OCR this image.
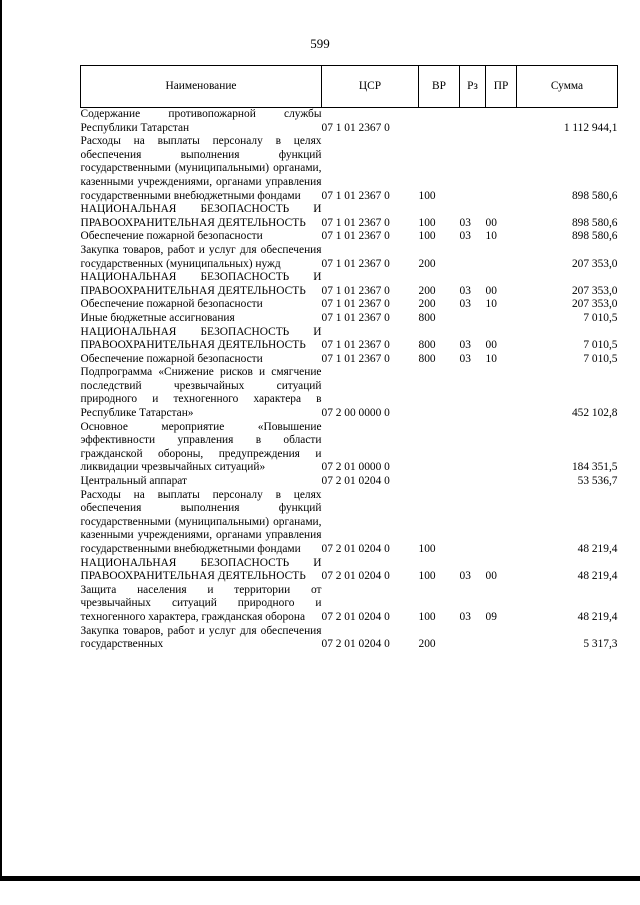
599
Наименование	ЦСР	ВР	Рз	ПР	Сумма
Содержание противопожарной службы Республики Татарстан	07 1 01 2367 0				1 112 944,1
Расходы на выплаты персоналу в целях обеспечения выполнения функций государственными (муниципальными) органами, казенными учреждениями, органами управления государственными внебюджетными фондами	07 1 01 2367 0	100			898 580,6
НАЦИОНАЛЬНАЯ БЕЗОПАСНОСТЬ И ПРАВООХРАНИТЕЛЬНАЯ ДЕЯТЕЛЬНОСТЬ	07 1 01 2367 0	100	03	00	898 580,6
Обеспечение пожарной безопасности	07 1 01 2367 0	100	03	10	898 580,6
Закупка товаров, работ и услуг для обеспечения государственных (муниципальных) нужд	07 1 01 2367 0	200			207 353,0
НАЦИОНАЛЬНАЯ БЕЗОПАСНОСТЬ И ПРАВООХРАНИТЕЛЬНАЯ ДЕЯТЕЛЬНОСТЬ	07 1 01 2367 0	200	03	00	207 353,0
Обеспечение пожарной безопасности	07 1 01 2367 0	200	03	10	207 353,0
Иные бюджетные ассигнования	07 1 01 2367 0	800			7 010,5
НАЦИОНАЛЬНАЯ БЕЗОПАСНОСТЬ И ПРАВООХРАНИТЕЛЬНАЯ ДЕЯТЕЛЬНОСТЬ	07 1 01 2367 0	800	03	00	7 010,5
Обеспечение пожарной безопасности	07 1 01 2367 0	800	03	10	7 010,5
Подпрограмма «Снижение рисков и смягчение последствий чрезвычайных ситуаций природного и техногенного характера в Республике Татарстан»	07 2 00 0000 0				452 102,8
Основное мероприятие «Повышение эффективности управления в области гражданской обороны, предупреждения и ликвидации чрезвычайных ситуаций»	07 2 01 0000 0				184 351,5
Центральный аппарат	07 2 01 0204 0				53 536,7
Расходы на выплаты персоналу в целях обеспечения выполнения функций государственными (муниципальными) органами, казенными учреждениями, органами управления государственными внебюджетными фондами	07 2 01 0204 0	100			48 219,4
НАЦИОНАЛЬНАЯ БЕЗОПАСНОСТЬ И ПРАВООХРАНИТЕЛЬНАЯ ДЕЯТЕЛЬНОСТЬ	07 2 01 0204 0	100	03	00	48 219,4
Защита населения и территории от чрезвычайных ситуаций природного и техногенного характера, гражданская оборона	07 2 01 0204 0	100	03	09	48 219,4
Закупка товаров, работ и услуг для обеспечения государственных	07 2 01 0204 0	200			5 317,3
